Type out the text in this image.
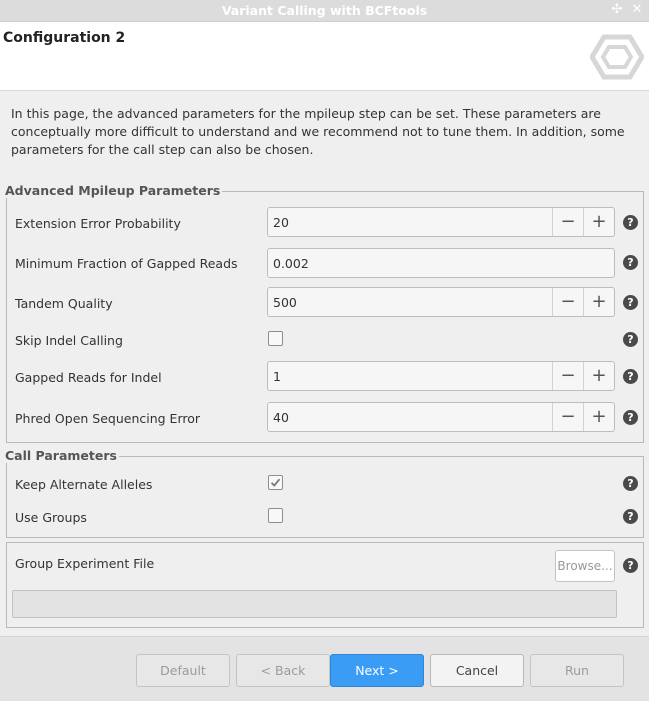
Variant Calling with BCFtools	✣ ✕
Configuration 2
In this page, the advanced parameters for the mpileup step can be set. These parameters are conceptually more difficult to understand and we recommend not to tune them. In addition, some parameters for the call step can also be chosen.
Advanced Mpileup Parameters
Extension Error Probability	20	− +	?
Minimum Fraction of Gapped Reads	0.002	?
Tandem Quality	500	− +	?
Skip Indel Calling	?
Gapped Reads for Indel	1	− +	?
Phred Open Sequencing Error	40	− +	?
Call Parameters
Keep Alternate Alleles	?
Use Groups	?
Group Experiment File	Browse...	?
Default	< Back	Next >	Cancel	Run
